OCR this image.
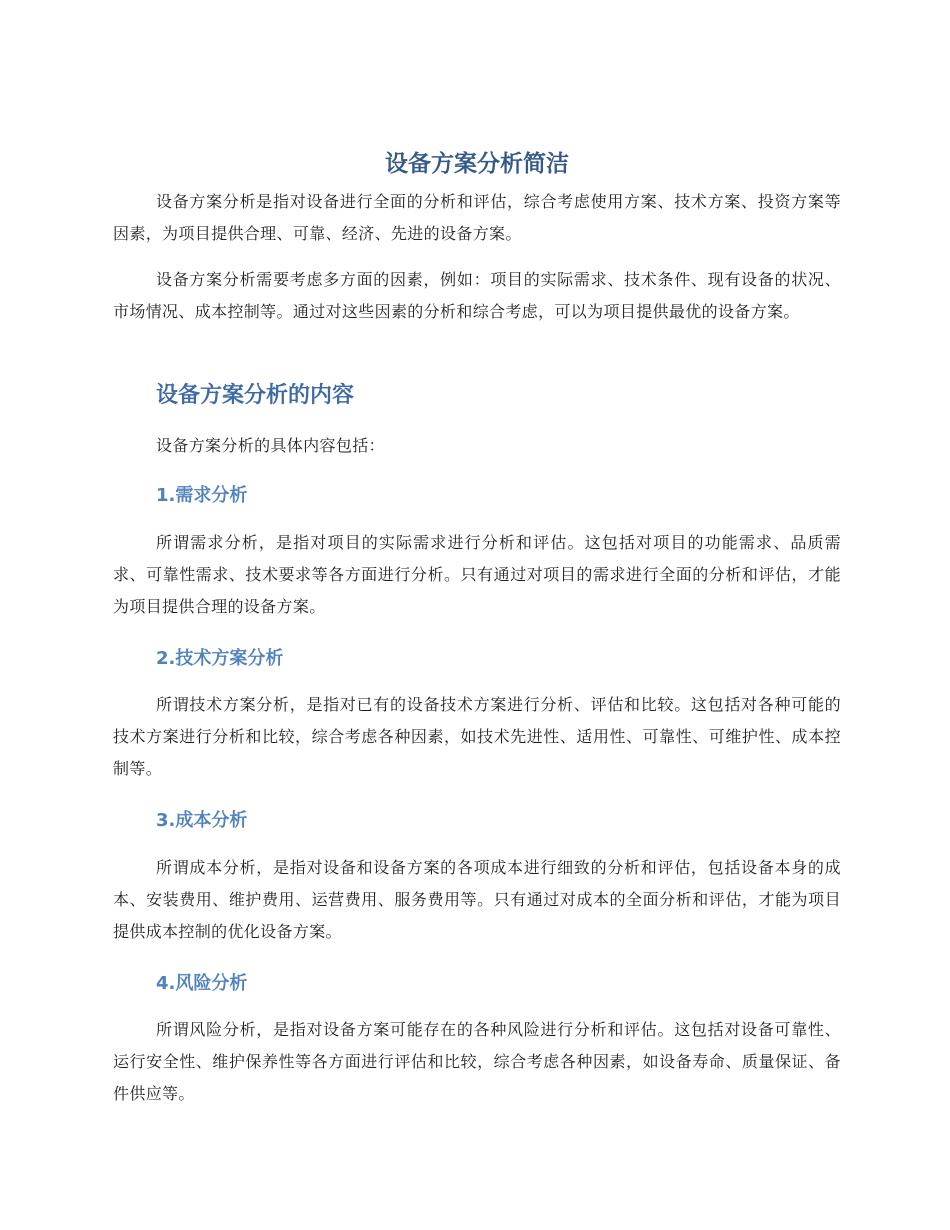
设备方案分析简洁

设备方案分析是指对设备进行全面的分析和评估，综合考虑使用方案、技术方案、投资方案等因素，为项目提供合理、可靠、经济、先进的设备方案。

设备方案分析需要考虑多方面的因素，例如：项目的实际需求、技术条件、现有设备的状况、市场情况、成本控制等。通过对这些因素的分析和综合考虑，可以为项目提供最优的设备方案。

设备方案分析的内容

设备方案分析的具体内容包括：

1.需求分析

所谓需求分析，是指对项目的实际需求进行分析和评估。这包括对项目的功能需求、品质需求、可靠性需求、技术要求等各方面进行分析。只有通过对项目的需求进行全面的分析和评估，才能为项目提供合理的设备方案。

2.技术方案分析

所谓技术方案分析，是指对已有的设备技术方案进行分析、评估和比较。这包括对各种可能的技术方案进行分析和比较，综合考虑各种因素，如技术先进性、适用性、可靠性、可维护性、成本控制等。

3.成本分析

所谓成本分析，是指对设备和设备方案的各项成本进行细致的分析和评估，包括设备本身的成本、安装费用、维护费用、运营费用、服务费用等。只有通过对成本的全面分析和评估，才能为项目提供成本控制的优化设备方案。

4.风险分析

所谓风险分析，是指对设备方案可能存在的各种风险进行分析和评估。这包括对设备可靠性、运行安全性、维护保养性等各方面进行评估和比较，综合考虑各种因素，如设备寿命、质量保证、备件供应等。
